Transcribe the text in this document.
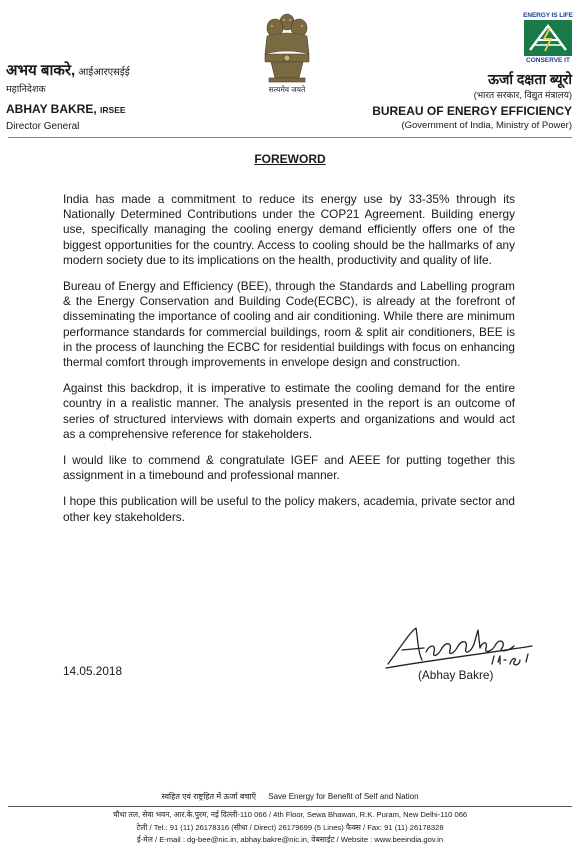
अभय बाकरे, आईआरएसईई
महानिदेशक
ABHAY BAKRE, IRSEE
Director General
सत्यमेव जयते
ENERGY IS LIFE
CONSERVE IT
ऊर्जा दक्षता ब्यूरो
(भारत सरकार, विद्युत मंत्रालय)
BUREAU OF ENERGY EFFICIENCY
(Government of India, Ministry of Power)
FOREWORD

India has made a commitment to reduce its energy use by 33-35% through its Nationally Determined Contributions under the COP21 Agreement. Building energy use, specifically managing the cooling energy demand efficiently offers one of the biggest opportunities for the country. Access to cooling should be the hallmarks of any modern society due to its implications on the health, productivity and quality of life.

Bureau of Energy and Efficiency (BEE), through the Standards and Labelling program & the Energy Conservation and Building Code(ECBC), is already at the forefront of disseminating the importance of cooling and air conditioning. While there are minimum performance standards for commercial buildings, room & split air conditioners, BEE is in the process of launching the ECBC for residential buildings with focus on enhancing thermal comfort through improvements in envelope design and construction.

Against this backdrop, it is imperative to estimate the cooling demand for the entire country in a realistic manner. The analysis presented in the report is an outcome of series of structured interviews with domain experts and organizations and would act as a comprehensive reference for stakeholders.

I would like to commend & congratulate IGEF and AEEE for putting together this assignment in a timebound and professional manner.

I hope this publication will be useful to the policy makers, academia, private sector and other key stakeholders.

14.05.2018	(Abhay Bakre)
स्वहित एवं राष्ट्रहित में ऊर्जा बचाएँ Save Energy for Benefit of Self and Nation
चौथा तल, सेवा भवन, आर.के.पुरम, नई दिल्ली-110 066 / 4th Floor, Sewa Bhawan, R.K. Puram, New Delhi-110 066
टेली / Tel.: 91 (11) 26178316 (सीधा / Direct) 26179699 (5 Lines) फैक्स / Fax: 91 (11) 26178328
ई-मेल / E-mail : dg-bee@nic.in, abhay.bakre@nic.in, वेबसाईट / Website : www.beeindia.gov.in
